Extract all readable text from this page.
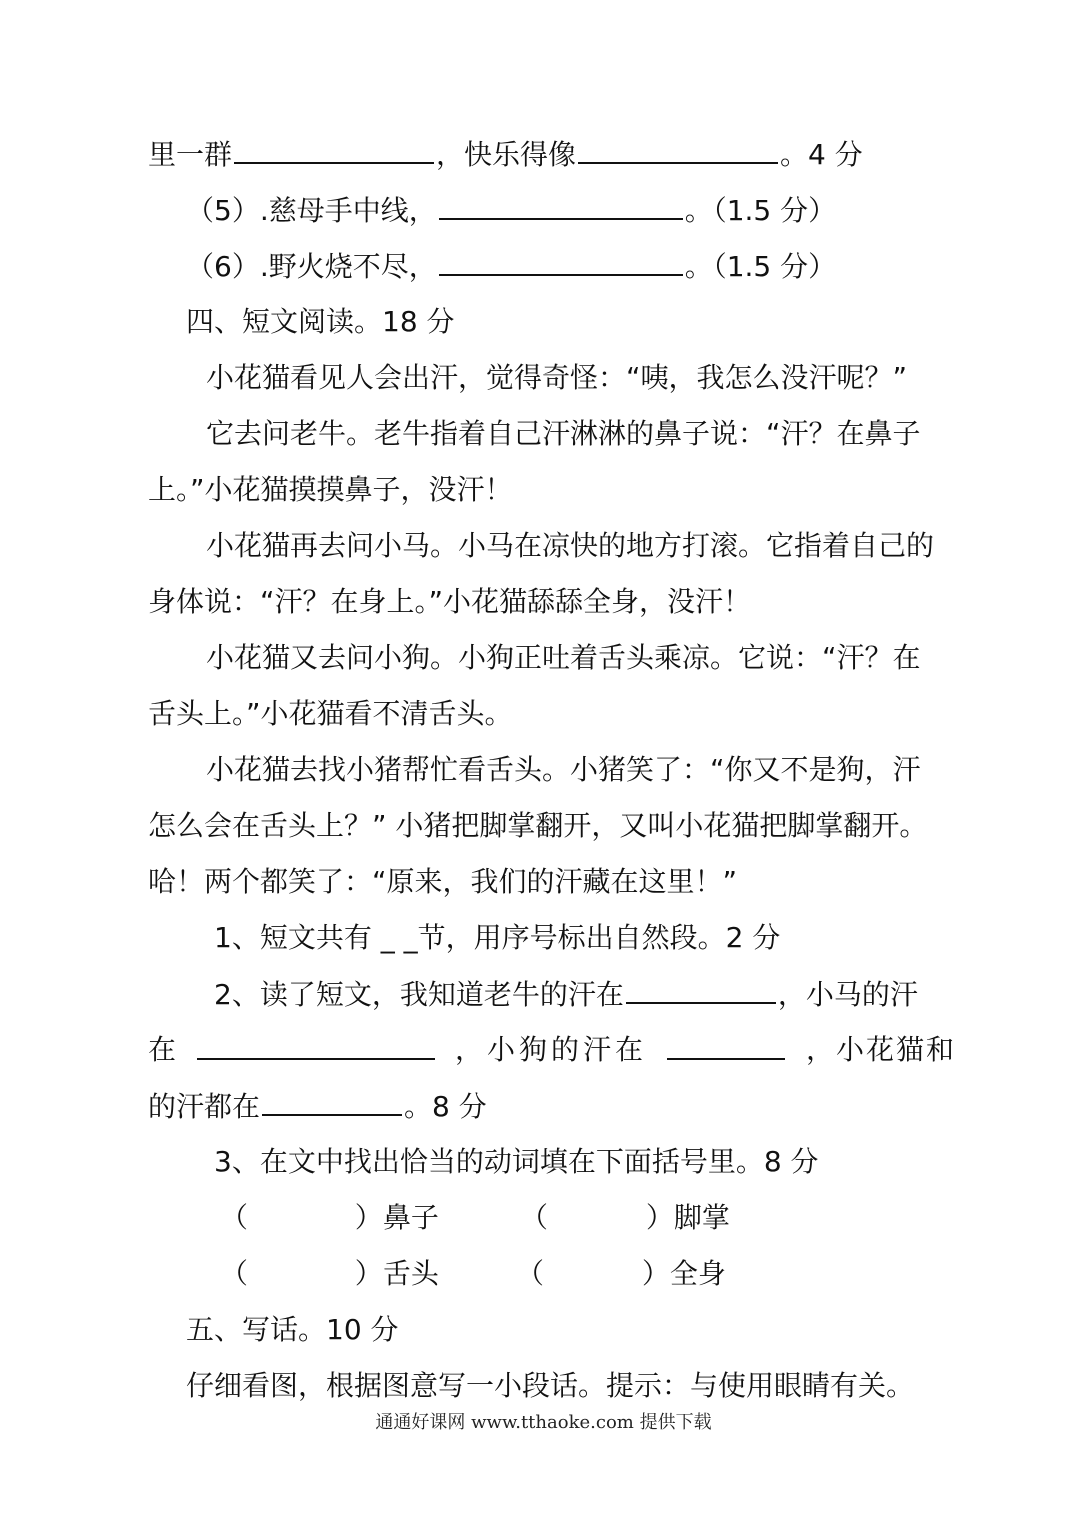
里一群	，快乐得像	。4 分
（5）.慈母手中线，	。（1.5 分）
（6）.野火烧不尽，	。（1.5 分）
四、短文阅读。18 分
小花猫看见人会出汗，觉得奇怪：“咦，我怎么没汗呢？”
它去问老牛。老牛指着自己汗淋淋的鼻子说：“汗？在鼻子
上。”小花猫摸摸鼻子，没汗！
小花猫再去问小马。小马在凉快的地方打滚。它指着自己的
身体说：“汗？在身上。”小花猫舔舔全身，没汗！
小花猫又去问小狗。小狗正吐着舌头乘凉。它说：“汗？在
舌头上。”小花猫看不清舌头。
小花猫去找小猪帮忙看舌头。小猪笑了：“你又不是狗，汗
怎么会在舌头上？” 小猪把脚掌翻开，又叫小花猫把脚掌翻开。
哈！两个都笑了：“原来，我们的汗藏在这里！”
1、短文共有 _ _节，用序号标出自然段。2 分
2、读了短文，我知道老牛的汗在	，小马的汗
在	，小狗的汗在	，小花猫和
的汗都在	。8 分
3、在文中找出恰当的动词填在下面括号里。8 分
（            ）鼻子	（           ）脚掌
（            ）舌头	（           ）全身
五、写话。10 分
仔细看图，根据图意写一小段话。提示：与使用眼睛有关。
通通好课网 www.tthaoke.com 提供下载
